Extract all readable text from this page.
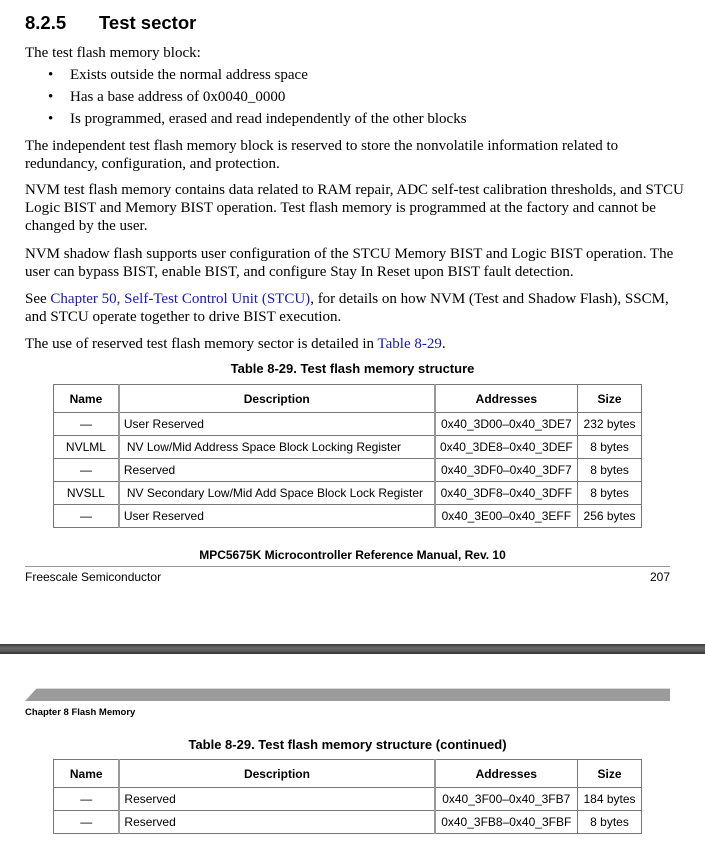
8.2.5 Test sector
The test flash memory block:
• Exists outside the normal address space
• Has a base address of 0x0040_0000
• Is programmed, erased and read independently of the other blocks
The independent test flash memory block is reserved to store the nonvolatile information related to redundancy, configuration, and protection.
NVM test flash memory contains data related to RAM repair, ADC self-test calibration thresholds, and STCU Logic BIST and Memory BIST operation. Test flash memory is programmed at the factory and cannot be changed by the user.
NVM shadow flash supports user configuration of the STCU Memory BIST and Logic BIST operation. The user can bypass BIST, enable BIST, and configure Stay In Reset upon BIST fault detection.
See Chapter 50, Self-Test Control Unit (STCU), for details on how NVM (Test and Shadow Flash), SSCM, and STCU operate together to drive BIST execution.
The use of reserved test flash memory sector is detailed in Table 8-29.
Table 8-29. Test flash memory structure
Name	Description	Addresses	Size
—	User Reserved	0x40_3D00–0x40_3DE7	232 bytes
NVLML	NV Low/Mid Address Space Block Locking Register	0x40_3DE8–0x40_3DEF	8 bytes
—	Reserved	0x40_3DF0–0x40_3DF7	8 bytes
NVSLL	NV Secondary Low/Mid Add Space Block Lock Register	0x40_3DF8–0x40_3DFF	8 bytes
—	User Reserved	0x40_3E00–0x40_3EFF	256 bytes
MPC5675K Microcontroller Reference Manual, Rev. 10
Freescale Semiconductor	207
Chapter 8 Flash Memory
Table 8-29. Test flash memory structure (continued)
Name	Description	Addresses	Size
—	Reserved	0x40_3F00–0x40_3FB7	184 bytes
—	Reserved	0x40_3FB8–0x40_3FBF	8 bytes
